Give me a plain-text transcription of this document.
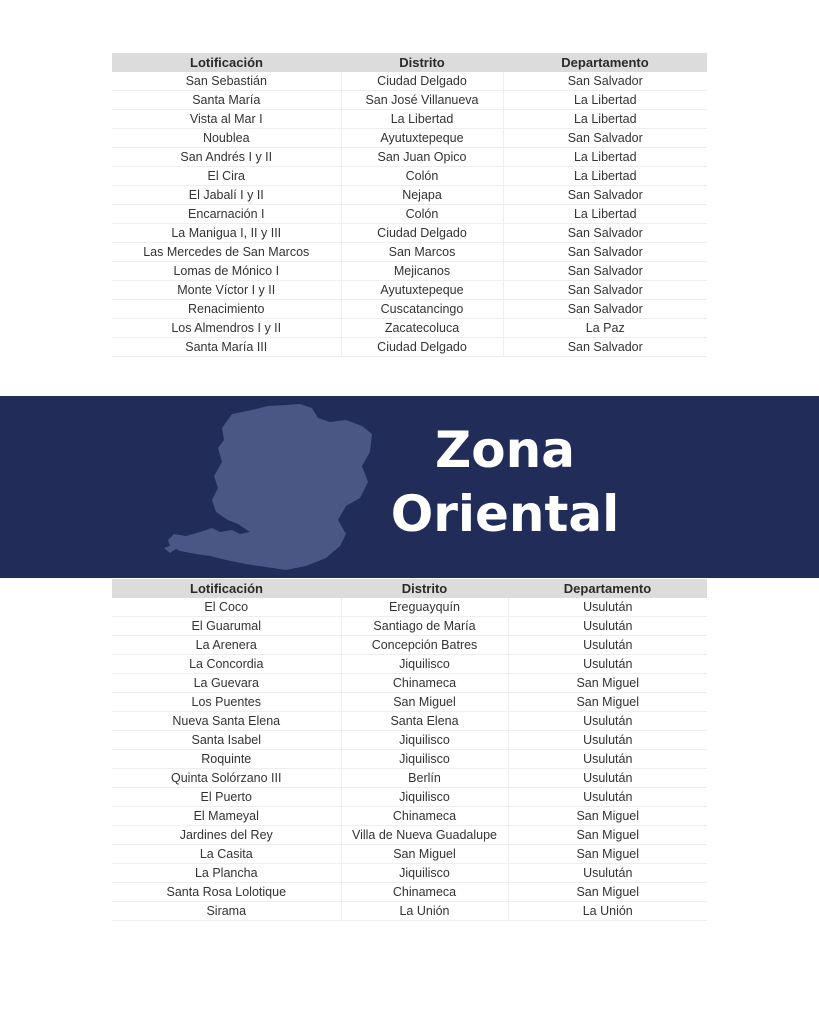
Lotificación	Distrito	Departamento
San Sebastián	Ciudad Delgado	San Salvador
Santa María	San José Villanueva	La Libertad
Vista al Mar I	La Libertad	La Libertad
Noublea	Ayutuxtepeque	San Salvador
San Andrés I y II	San Juan Opico	La Libertad
El Cira	Colón	La Libertad
El Jabalí I y II	Nejapa	San Salvador
Encarnación I	Colón	La Libertad
La Manigua I, II y III	Ciudad Delgado	San Salvador
Las Mercedes de San Marcos	San Marcos	San Salvador
Lomas de Mónico I	Mejicanos	San Salvador
Monte Víctor I y II	Ayutuxtepeque	San Salvador
Renacimiento	Cuscatancingo	San Salvador
Los Almendros I y II	Zacatecoluca	La Paz
Santa María III	Ciudad Delgado	San Salvador
Zona
Oriental
Lotificación	Distrito	Departamento
El Coco	Ereguayquín	Usulután
El Guarumal	Santiago de María	Usulután
La Arenera	Concepción Batres	Usulután
La Concordia	Jiquilisco	Usulután
La Guevara	Chinameca	San Miguel
Los Puentes	San Miguel	San Miguel
Nueva Santa Elena	Santa Elena	Usulután
Santa Isabel	Jiquilisco	Usulután
Roquinte	Jiquilisco	Usulután
Quinta Solórzano III	Berlín	Usulután
El Puerto	Jiquilisco	Usulután
El Mameyal	Chinameca	San Miguel
Jardines del Rey	Villa de Nueva Guadalupe	San Miguel
La Casita	San Miguel	San Miguel
La Plancha	Jiquilisco	Usulután
Santa Rosa Lolotique	Chinameca	San Miguel
Sirama	La Unión	La Unión
